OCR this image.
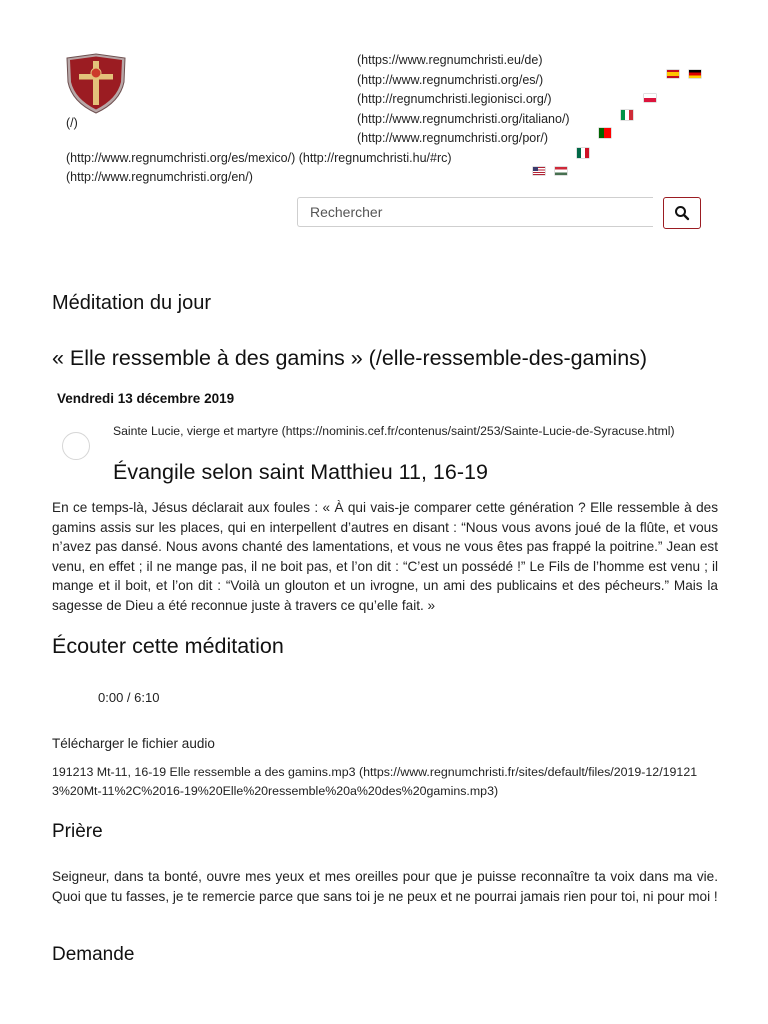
(/)
(https://www.regnumchristi.eu/de)
(http://www.regnumchristi.org/es/)
(http://regnumchristi.legionisci.org/)
(http://www.regnumchristi.org/italiano/)
(http://www.regnumchristi.org/por/)
(http://www.regnumchristi.org/es/mexico/) (http://regnumchristi.hu/#rc)
(http://www.regnumchristi.org/en/)
Rechercher
Méditation du jour
« Elle ressemble à des gamins » (/elle-ressemble-des-gamins)
Vendredi 13 décembre 2019
Sainte Lucie, vierge et martyre (https://nominis.cef.fr/contenus/saint/253/Sainte-Lucie-de-Syracuse.html)
Évangile selon saint Matthieu 11, 16-19

En ce temps-là, Jésus déclarait aux foules : « À qui vais-je comparer cette génération ? Elle ressemble à des gamins assis sur les places, qui en interpellent d’autres en disant : “Nous vous avons joué de la flûte, et vous n’avez pas dansé. Nous avons chanté des lamentations, et vous ne vous êtes pas frappé la poitrine.” Jean est venu, en effet ; il ne mange pas, il ne boit pas, et l’on dit : “C’est un possédé !” Le Fils de l’homme est venu ; il mange et il boit, et l’on dit : “Voilà un glouton et un ivrogne, un ami des publicains et des pécheurs.” Mais la sagesse de Dieu a été reconnue juste à travers ce qu’elle fait. »

Écouter cette méditation
0:00 / 6:10
Télécharger le fichier audio
191213 Mt-11, 16-19 Elle ressemble a des gamins.mp3 (https://www.regnumchristi.fr/sites/default/files/2019-12/191213%20Mt-11%2C%2016-19%20Elle%20ressemble%20a%20des%20gamins.mp3)
Prière

Seigneur, dans ta bonté, ouvre mes yeux et mes oreilles pour que je puisse reconnaître ta voix dans ma vie. Quoi que tu fasses, je te remercie parce que sans toi je ne peux et ne pourrai jamais rien pour toi, ni pour moi !

Demande
